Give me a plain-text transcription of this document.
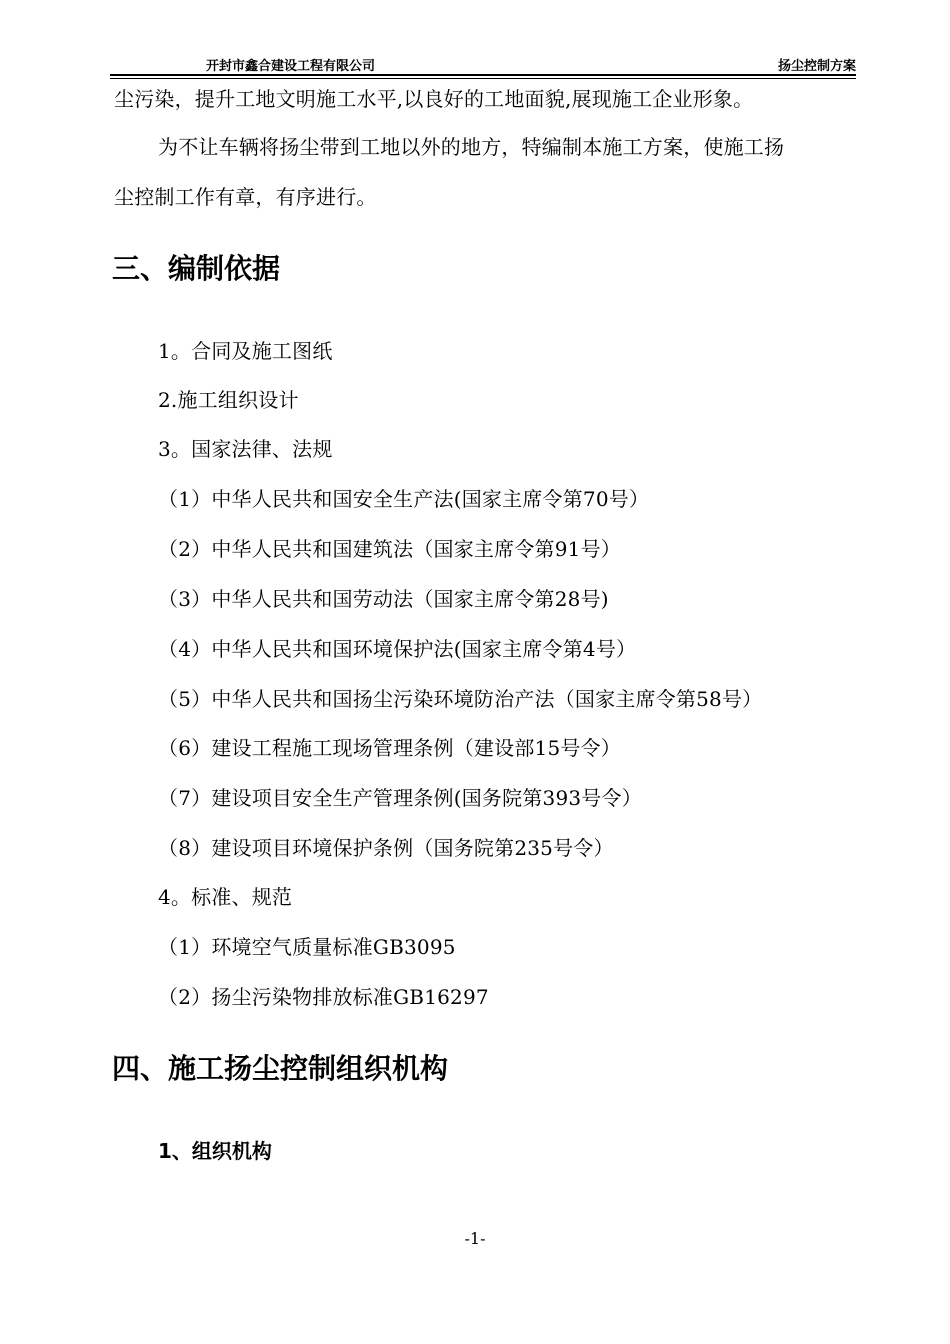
开封市鑫合建设工程有限公司	扬尘控制方案
尘污染，提升工地文明施工水平,以良好的工地面貌,展现施工企业形象。
为不让车辆将扬尘带到工地以外的地方，特编制本施工方案，使施工扬
尘控制工作有章，有序进行。
三、编制依据
1。合同及施工图纸
2.施工组织设计
3。国家法律、法规
（1）中华人民共和国安全生产法(国家主席令第70号）
（2）中华人民共和国建筑法（国家主席令第91号）
（3）中华人民共和国劳动法（国家主席令第28号)
（4）中华人民共和国环境保护法(国家主席令第4号）
（5）中华人民共和国扬尘污染环境防治产法（国家主席令第58号）
（6）建设工程施工现场管理条例（建设部15号令）
（7）建设项目安全生产管理条例(国务院第393号令）
（8）建设项目环境保护条例（国务院第235号令）
4。标准、规范
（1）环境空气质量标准GB3095
（2）扬尘污染物排放标准GB16297
四、施工扬尘控制组织机构
1、组织机构
-1-
